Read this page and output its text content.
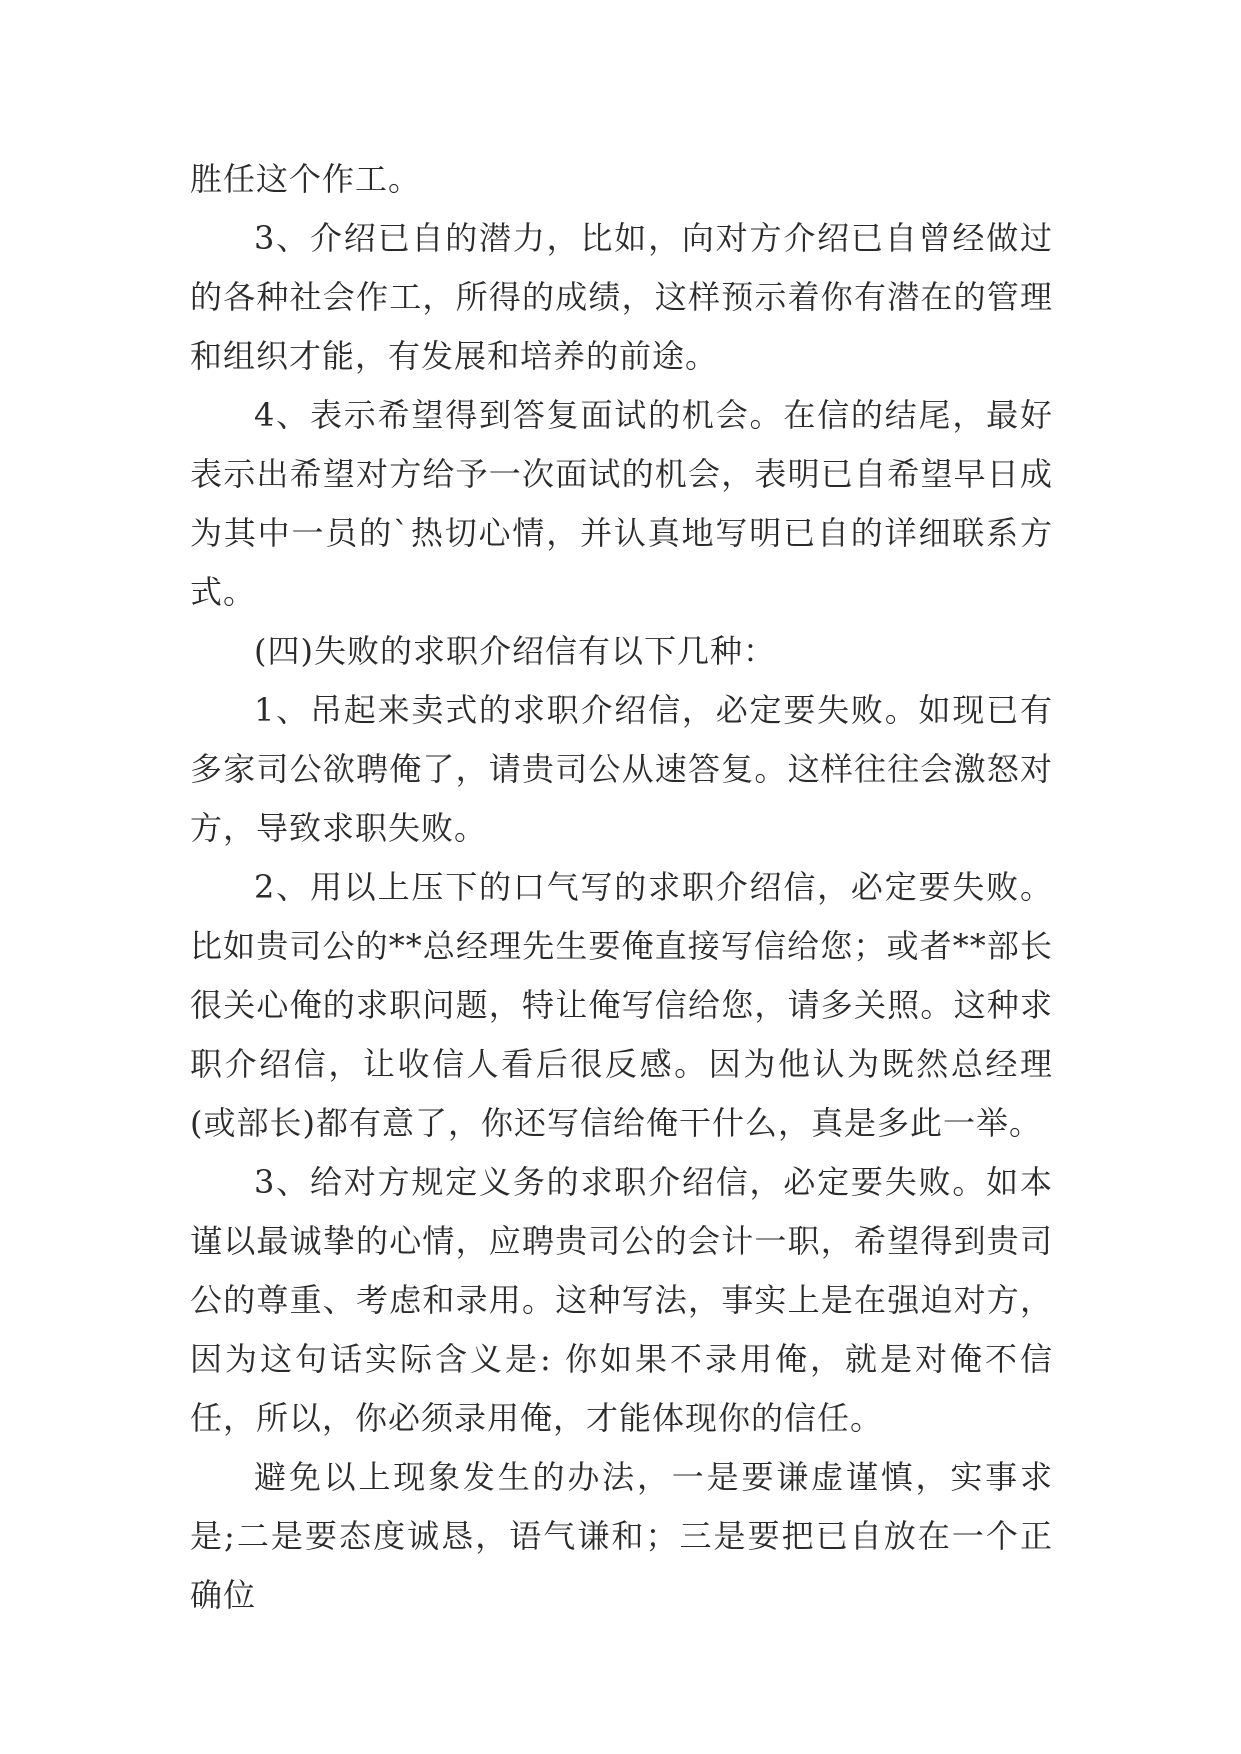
胜任这个作工。

3、介绍已自的潜力，比如，向对方介绍已自曾经做过的各种社会作工，所得的成绩，这样预示着你有潜在的管理和组织才能，有发展和培养的前途。

4、表示希望得到答复面试的机会。在信的结尾，最好表示出希望对方给予一次面试的机会，表明已自希望早日成为其中一员的`热切心情，并认真地写明已自的详细联系方式。

(四)失败的求职介绍信有以下几种：

1、吊起来卖式的求职介绍信，必定要失败。如现已有多家司公欲聘俺了，请贵司公从速答复。这样往往会激怒对方，导致求职失败。

2、用以上压下的口气写的求职介绍信，必定要失败。比如贵司公的**总经理先生要俺直接写信给您；或者**部长很关心俺的求职问题，特让俺写信给您，请多关照。这种求职介绍信，让收信人看后很反感。因为他认为既然总经理(或部长)都有意了，你还写信给俺干什么，真是多此一举。

3、给对方规定义务的求职介绍信，必定要失败。如本谨以最诚挚的心情，应聘贵司公的会计一职，希望得到贵司公的尊重、考虑和录用。这种写法，事实上是在强迫对方，因为这句话实际含义是: 你如果不录用俺，就是对俺不信任，所以，你必须录用俺，才能体现你的信任。

避免以上现象发生的办法，一是要谦虚谨慎，实事求是;二是要态度诚恳，语气谦和；三是要把已自放在一个正确位
